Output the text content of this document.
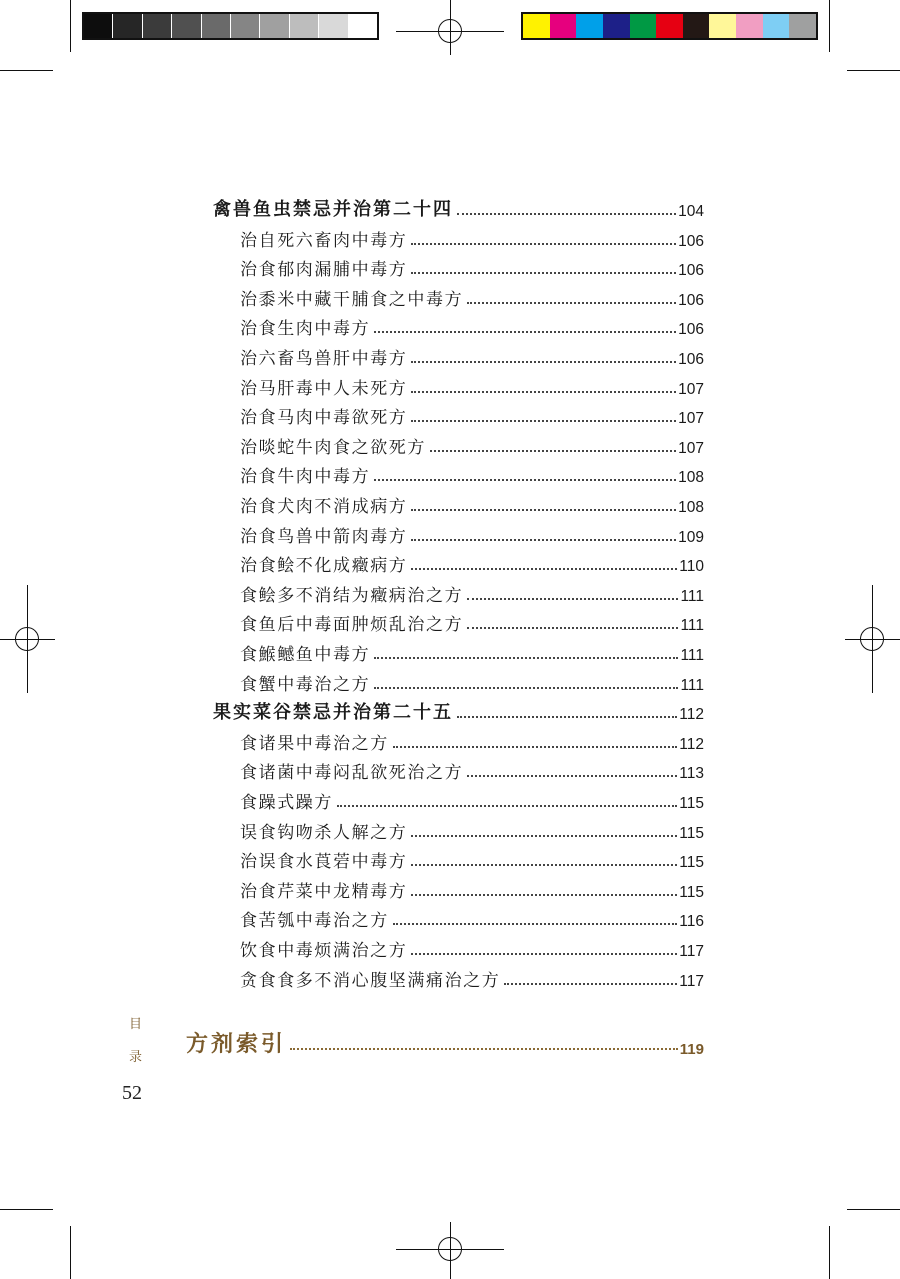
禽兽鱼虫禁忌并治第二十四	104
治自死六畜肉中毒方	106
治食郁肉漏脯中毒方	106
治黍米中藏干脯食之中毒方	106
治食生肉中毒方	106
治六畜鸟兽肝中毒方	106
治马肝毒中人未死方	107
治食马肉中毒欲死方	107
治啖蛇牛肉食之欲死方	107
治食牛肉中毒方	108
治食犬肉不消成病方	108
治食鸟兽中箭肉毒方	109
治食鲙不化成癥病方	110
食鲙多不消结为癥病治之方	111
食鱼后中毒面肿烦乱治之方	111
食鯸鳡鱼中毒方	111
食蟹中毒治之方	111
果实菜谷禁忌并治第二十五	112
食诸果中毒治之方	112
食诸菌中毒闷乱欲死治之方	113
食躁式躁方	115
误食钩吻杀人解之方	115
治误食水莨菪中毒方	115
治食芹菜中龙精毒方	115
食苦瓠中毒治之方	116
饮食中毒烦满治之方	117
贪食食多不消心腹坚满痛治之方	117
方剂索引	119
目
录
52
